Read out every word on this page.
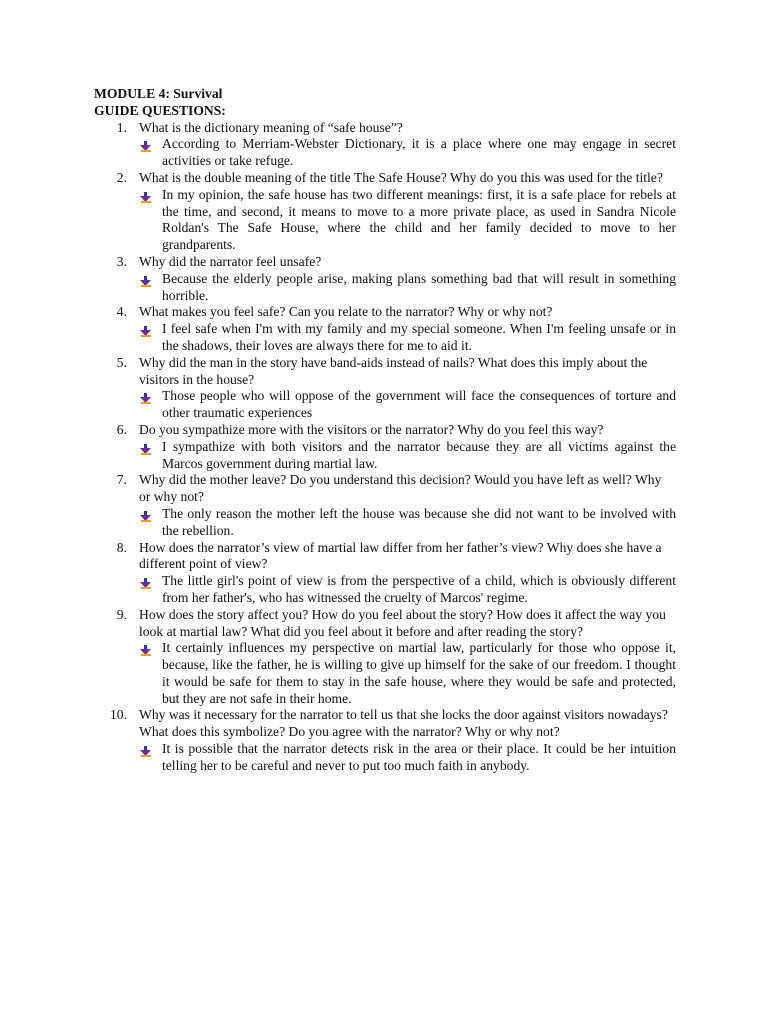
MODULE 4: Survival

GUIDE QUESTIONS:

1. What is the dictionary meaning of “safe house”?
According to Merriam-Webster Dictionary, it is a place where one may engage in secret activities or take refuge.
2. What is the double meaning of the title The Safe House? Why do you this was used for the title?
In my opinion, the safe house has two different meanings: first, it is a safe place for rebels at the time, and second, it means to move to a more private place, as used in Sandra Nicole Roldan's The Safe House, where the child and her family decided to move to her grandparents.
3. Why did the narrator feel unsafe?
Because the elderly people arise, making plans something bad that will result in something horrible.
4. What makes you feel safe? Can you relate to the narrator? Why or why not?
I feel safe when I'm with my family and my special someone. When I'm feeling unsafe or in the shadows, their loves are always there for me to aid it.
5. Why did the man in the story have band-aids instead of nails? What does this imply about the visitors in the house?
Those people who will oppose of the government will face the consequences of torture and other traumatic experiences
6. Do you sympathize more with the visitors or the narrator? Why do you feel this way?
I sympathize with both visitors and the narrator because they are all victims against the Marcos government during martial law.
7. Why did the mother leave? Do you understand this decision? Would you have left as well? Why or why not?
The only reason the mother left the house was because she did not want to be involved with the rebellion.
8. How does the narrator’s view of martial law differ from her father’s view? Why does she have a different point of view?
The little girl's point of view is from the perspective of a child, which is obviously different from her father's, who has witnessed the cruelty of Marcos' regime.
9. How does the story affect you? How do you feel about the story? How does it affect the way you look at martial law? What did you feel about it before and after reading the story?
It certainly influences my perspective on martial law, particularly for those who oppose it, because, like the father, he is willing to give up himself for the sake of our freedom. I thought it would be safe for them to stay in the safe house, where they would be safe and protected, but they are not safe in their home.
10. Why was it necessary for the narrator to tell us that she locks the door against visitors nowadays? What does this symbolize? Do you agree with the narrator? Why or why not?
It is possible that the narrator detects risk in the area or their place. It could be her intuition telling her to be careful and never to put too much faith in anybody.
